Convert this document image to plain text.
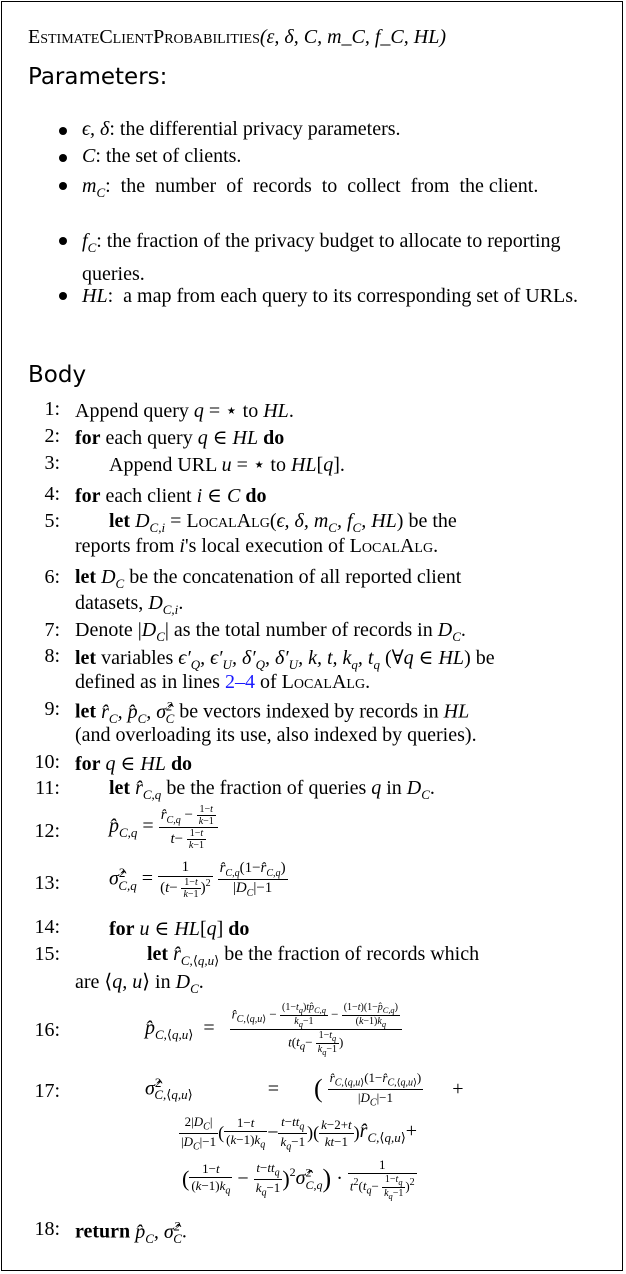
EstimateClientProbabilities(ε, δ, C, m_C, f_C, HL)
Parameters:
ϵ, δ: the differential privacy parameters.
C: the set of clients.
$m_C$:  the  number  of  records  to  collect  from  the client.
$f_C$: the fraction of the privacy budget to allocate to reporting queries.
HL:  a map from each query to its corresponding set of URLs.
Body
1: Append query q = ⋆ to HL.
2: for each query q ∈ HL do
3: Append URL u = ⋆ to HL[q].
4: for each client i ∈ C do
5: let $D_{C,i}$ = LocalAlg(ϵ, δ, $m_C$, $f_C$, HL) be the
reports from i's local execution of LocalAlg.
6: let $D_C$ be the concatenation of all reported client
datasets, $D_{C,i}$.
7: Denote $|D_C|$ as the total number of records in $D_C$.
8: let variables $\epsilon'_Q$, $\epsilon'_U$, $\delta'_Q$, $\delta'_U$, k, t, $k_q$, $t_q$ (∀q ∈ HL) be
defined as in lines 2–4 of LocalAlg.
9: let $r̂_C$, $p̂_C$, σ̂$^2_C$ be vectors indexed by records in HL
(and overloading its use, also indexed by queries).
10: for q ∈ HL do
11: let $r̂_{C,q}$ be the fraction of queries q in $D_C$.
12: $p̂_{C,q} = \frac{r̂_{C,q} - \frac{1-t}{k-1}}{t- \frac{1-t}{k-1}}$
13: σ̂$^2_{C,q}$ = $\frac{1}{(t- \frac{1-t}{k-1} )^2}$
$\frac{r̂_{C,q}(1-r̂_{C,q})}{|D_C|-1}$
14: for u ∈ HL[q] do
15:	let $r̂_{C,⟨q,u⟩}$ be the fraction of records which
are ⟨q, u⟩ in $D_C$.
16:	$p̂_{C,⟨q,u⟩} = \frac{r̂_{C,⟨q,u⟩} - \frac{(1-t_q)tp̂_{C,q}}{k_q-1} - \frac{(1-t)(1-p̂_{C,q})}{(k-1)k_q}}{t(t_q- \frac{1-t_q}{k_q-1} )}$
17:	σ̂$^2_{C,⟨q,u⟩}$	= ( $\frac{r̂_{C,⟨q,u⟩}(1-r̂_{C,⟨q,u⟩})}{|D_C|-1}$ +
$\frac{2|D_C|}{|D_C|-1}$ ( $\frac{1-t}{(k-1)k_q} - \frac{t-tt_q}{k_q-1}$ )( $\frac{k-2+t}{kt-1}$ )$r̂_{C,⟨q,u⟩}+$
( $\frac{1-t}{(k-1)k_q} - \frac{t-tt_q}{k_q-1}$ )$^2$σ̂$^2_{C,q}$) · $\frac{1}{t^2(t_q- \frac{1-t_q}{k_q-1} )^2}$
18: return $p̂_C$, σ̂$^2_C$.
